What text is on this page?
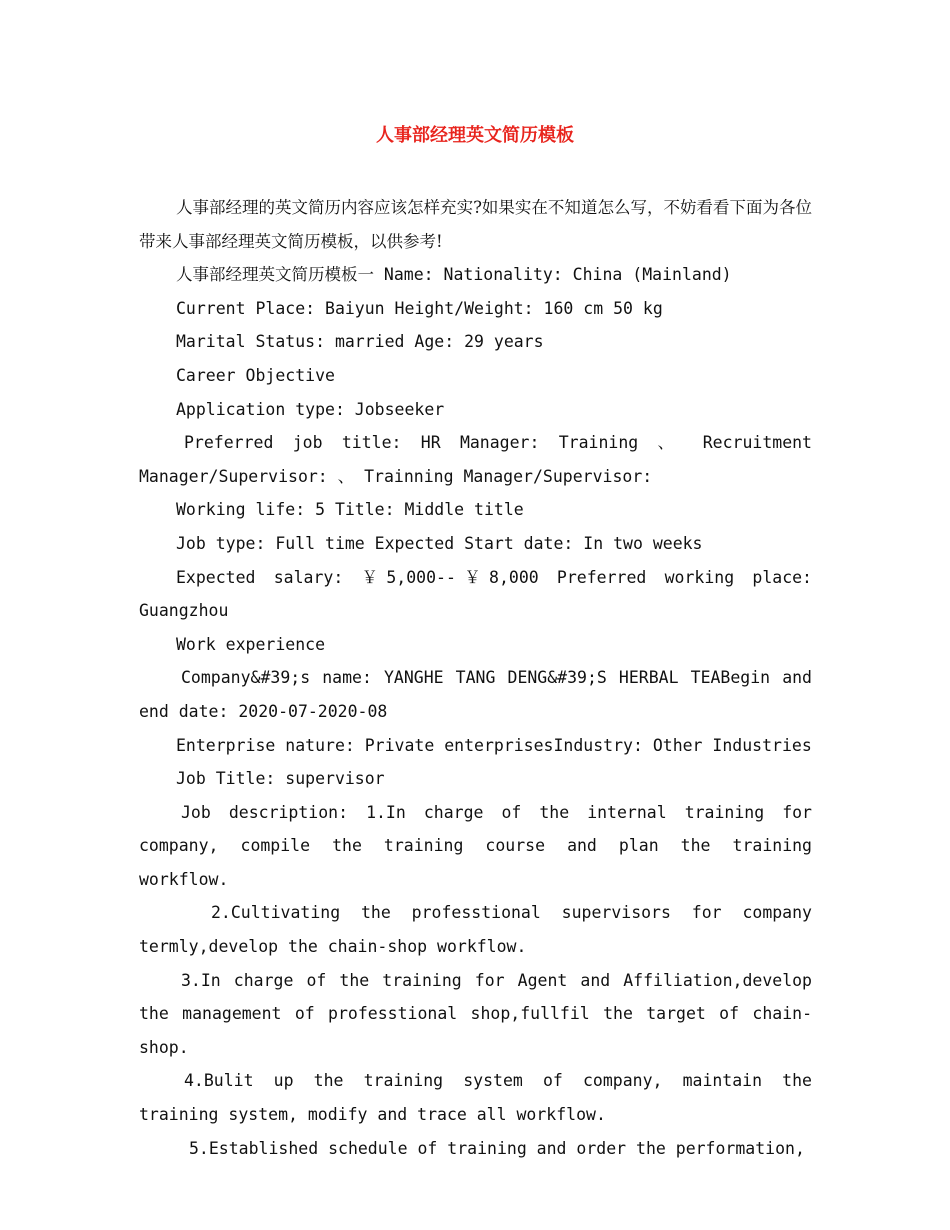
人事部经理英文简历模板

人事部经理的英文简历内容应该怎样充实?如果实在不知道怎么写，不妨看看下面为各位带来人事部经理英文简历模板，以供参考!

人事部经理英文简历模板一 Name: Nationality: China (Mainland)

Current Place: Baiyun Height/Weight: 160 cm 50 kg

Marital Status: married Age: 29 years

Career Objective

Application type: Jobseeker

Preferred job title: HR Manager: Training 、 Recruitment Manager/Supervisor: 、 Trainning Manager/Supervisor:

Working life: 5 Title: Middle title

Job type: Full time Expected Start date: In two weeks

Expected salary: ￥5,000--￥8,000 Preferred working place: Guangzhou

Work experience

Company&#39;s name: YANGHE TANG DENG&#39;S HERBAL TEABegin and end date: 2020-07-2020-08

Enterprise nature: Private enterprisesIndustry: Other Industries

Job Title: supervisor

Job description: 1.In charge of the internal training for company, compile the training course and plan the training workflow.

2.Cultivating the professtional supervisors for company termly,develop the chain-shop workflow.

3.In charge of the training for Agent and Affiliation,develop the management of professtional shop,fullfil the target of chain-shop.

4.Bulit up the training system of company, maintain the training system, modify and trace all workflow.

5.Established schedule of training and order the performation,
